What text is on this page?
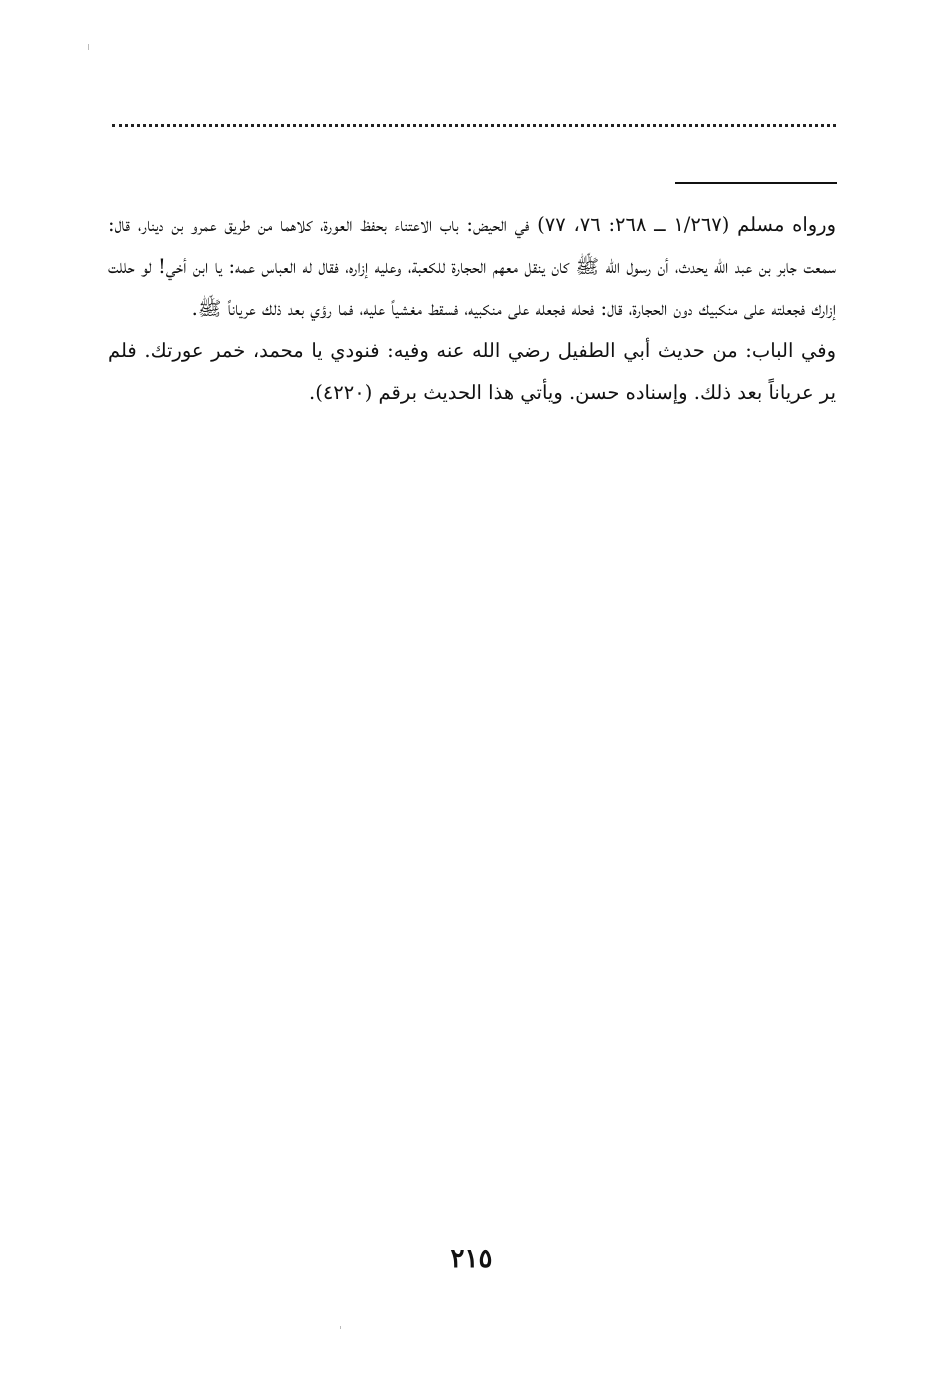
ورواه مسلم (١/٢٦٧ ــ ٢٦٨: ٧٦، ٧٧) في الحيض: باب الاعتناء بحفظ العورة، كلاهما من طريق عمرو بن دينار، قال: سمعت جابر بن عبد الله يحدث، أن رسول الله ﷺ كان ينقل معهم الحجارة للكعبة، وعليه إزاره، فقال له العباس عمه: يا ابن أخي! لو حللت إزارك فجعلته على منكبيك دون الحجارة، قال: فحله فجعله على منكبيه، فسقط مغشياً عليه، فما رؤي بعد ذلك عرياناً ﷺ.

وفي الباب: من حديث أبي الطفيل رضي الله عنه وفيه: فنودي يا محمد، خمر عورتك. فلم ير عرياناً بعد ذلك. وإسناده حسن. ويأتي هذا الحديث برقم (٤٢٢٠).

٢١٥
